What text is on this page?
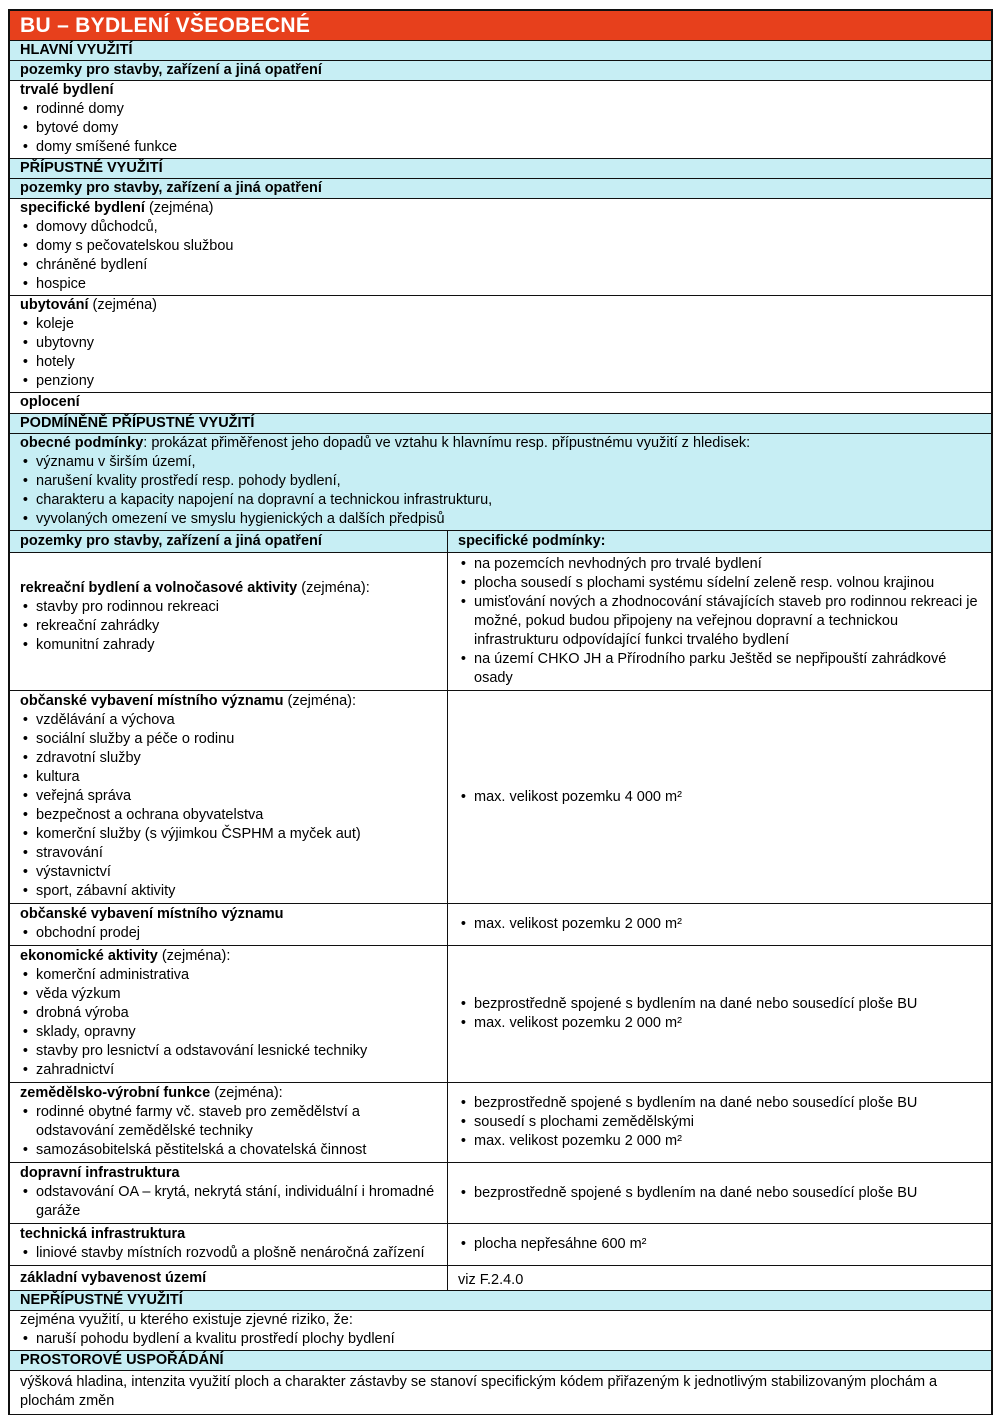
BU – BYDLENÍ VŠEOBECNÉ
HLAVNÍ VYUŽITÍ
pozemky pro stavby, zařízení a jiná opatření
trvalé bydlení
• rodinné domy
• bytové domy
• domy smíšené funkce
PŘÍPUSTNÉ VYUŽITÍ
pozemky pro stavby, zařízení a jiná opatření
specifické bydlení (zejména)
• domovy důchodců,
• domy s pečovatelskou službou
• chráněné bydlení
• hospice
ubytování (zejména)
• koleje
• ubytovny
• hotely
• penziony
oplocení
PODMÍNĚNĚ PŘÍPUSTNÉ VYUŽITÍ
obecné podmínky: prokázat přiměřenost jeho dopadů ve vztahu k hlavnímu resp. přípustnému využití z hledisek:
• významu v širším území,
• narušení kvality prostředí resp. pohody bydlení,
• charakteru a kapacity napojení na dopravní a technickou infrastrukturu,
• vyvolaných omezení ve smyslu hygienických a dalších předpisů
pozemky pro stavby, zařízení a jiná opatření	specifické podmínky:
rekreační bydlení a volnočasové aktivity (zejména):
• stavby pro rodinnou rekreaci
• rekreační zahrádky
• komunitní zahrady
• na pozemcích nevhodných pro trvalé bydlení
• plocha sousedí s plochami systému sídelní zeleně resp. volnou krajinou
• umisťování nových a zhodnocování stávajících staveb pro rodinnou rekreaci je možné, pokud budou připojeny na veřejnou dopravní a technickou infrastrukturu odpovídající funkci trvalého bydlení
• na území CHKO JH a Přírodního parku Ještěd se nepřipouští zahrádkové osady
občanské vybavení místního významu (zejména):
• vzdělávání a výchova
• sociální služby a péče o rodinu
• zdravotní služby
• kultura
• veřejná správa
• bezpečnost a ochrana obyvatelstva
• komerční služby (s výjimkou ČSPHM a myček aut)
• stravování
• výstavnictví
• sport, zábavní aktivity
• max. velikost pozemku 4 000 m²
občanské vybavení místního významu
• obchodní prodej
• max. velikost pozemku 2 000 m²
ekonomické aktivity (zejména):
• komerční administrativa
• věda výzkum
• drobná výroba
• sklady, opravny
• stavby pro lesnictví a odstavování lesnické techniky
• zahradnictví
• bezprostředně spojené s bydlením na dané nebo sousedící ploše BU
• max. velikost pozemku 2 000 m²
zemědělsko-výrobní funkce (zejména):
• rodinné obytné farmy vč. staveb pro zemědělství a odstavování zemědělské techniky
• samozásobitelská pěstitelská a chovatelská činnost
• bezprostředně spojené s bydlením na dané nebo sousedící ploše BU
• sousedí s plochami zemědělskými
• max. velikost pozemku 2 000 m²
dopravní infrastruktura
• odstavování OA – krytá, nekrytá stání, individuální i hromadné garáže
• bezprostředně spojené s bydlením na dané nebo sousedící ploše BU
technická infrastruktura
• liniové stavby místních rozvodů a plošně nenáročná zařízení
• plocha nepřesáhne 600 m²
základní vybavenost území	viz F.2.4.0
NEPŘÍPUSTNÉ VYUŽITÍ
zejména využití, u kterého existuje zjevné riziko, že:
• naruší pohodu bydlení a kvalitu prostředí plochy bydlení
PROSTOROVÉ USPOŘÁDÁNÍ
výšková hladina, intenzita využití ploch a charakter zástavby se stanoví specifickým kódem přiřazeným k jednotlivým stabilizovaným plochám a plochám změn
